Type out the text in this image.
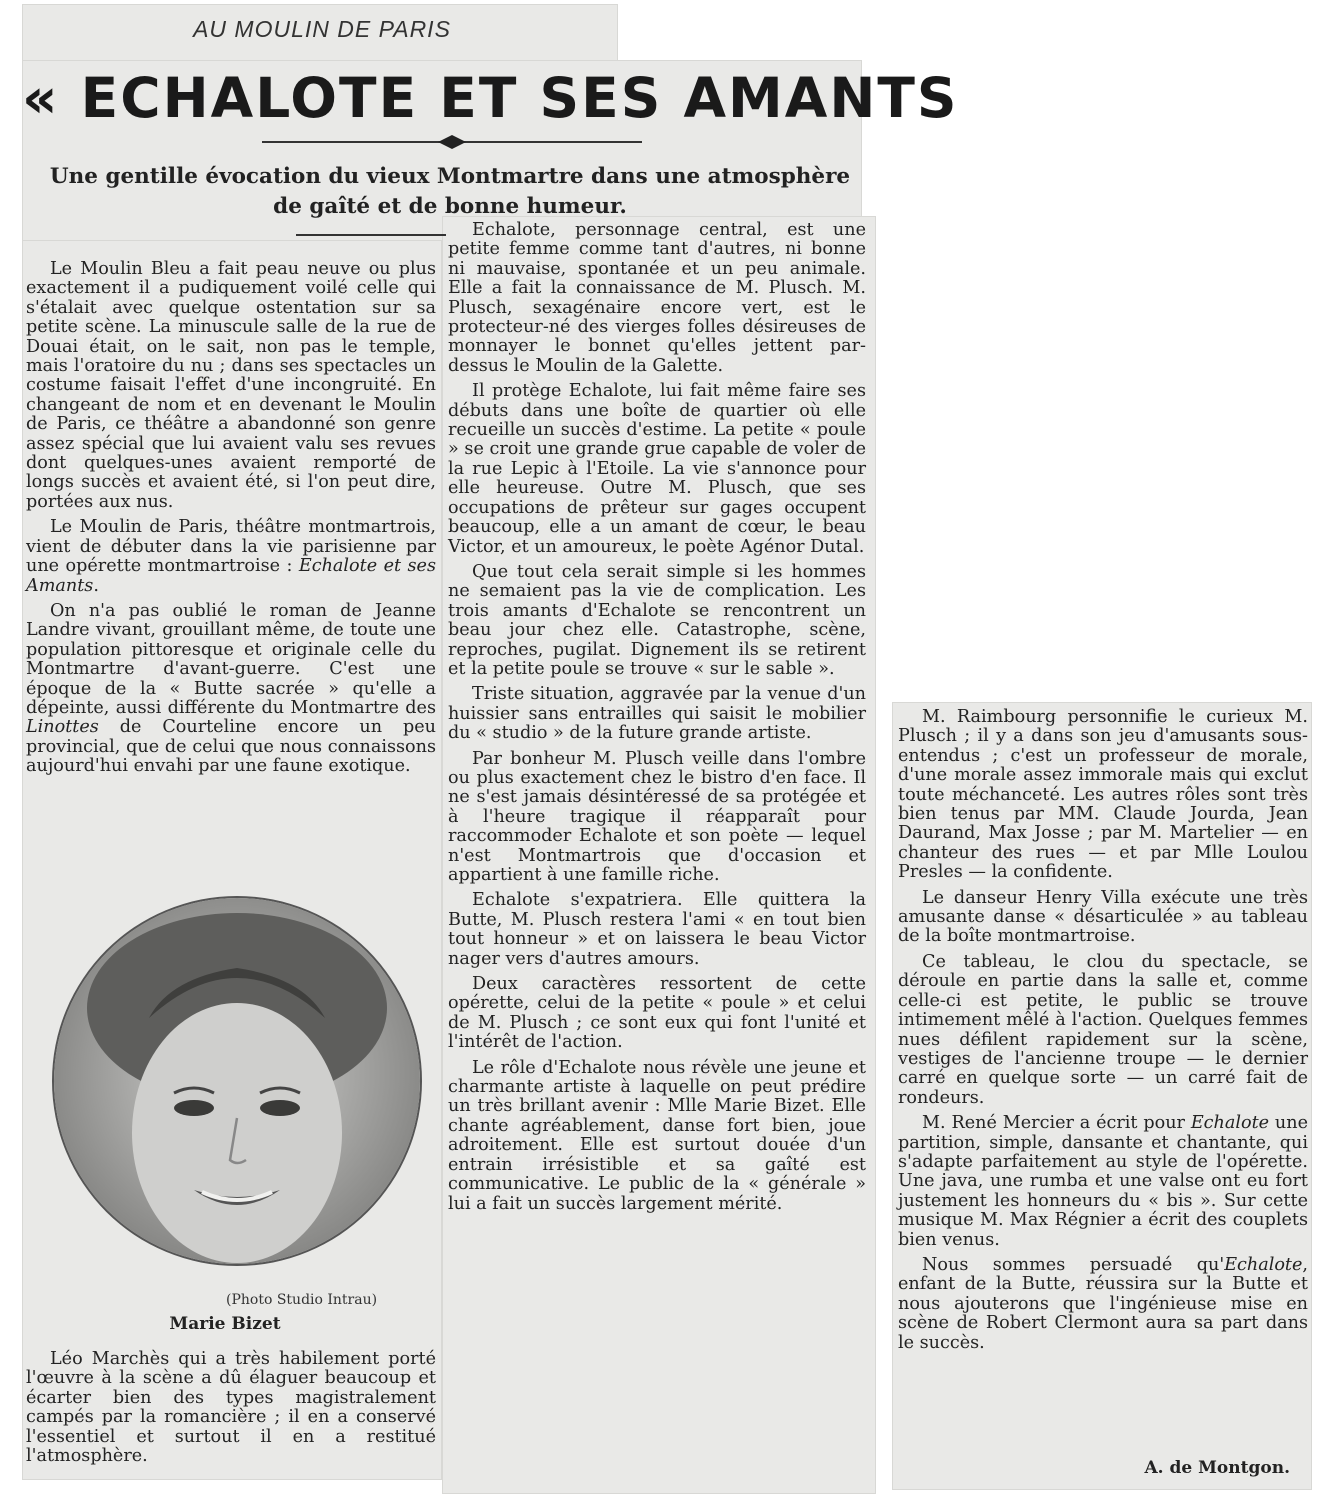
AU MOULIN DE PARIS
« ECHALOTE ET SES AMANTS
Une gentille évocation du vieux Montmartre dans une atmosphère
de gaîté et de bonne humeur.

Le Moulin Bleu a fait peau neuve ou plus exactement il a pudiquement voilé celle qui s'étalait avec quelque ostentation sur sa petite scène. La minuscule salle de la rue de Douai était, on le sait, non pas le temple, mais l'oratoire du nu ; dans ses spectacles un costume faisait l'effet d'une incongruité. En changeant de nom et en devenant le Moulin de Paris, ce théâtre a abandonné son genre assez spécial que lui avaient valu ses revues dont quelques-unes avaient remporté de longs succès et avaient été, si l'on peut dire, portées aux nus.

Le Moulin de Paris, théâtre montmartrois, vient de débuter dans la vie parisienne par une opérette montmartroise : Echalote et ses Amants.

On n'a pas oublié le roman de Jeanne Landre vivant, grouillant même, de toute une population pittoresque et originale celle du Montmartre d'avant-guerre. C'est une époque de la « Butte sacrée » qu'elle a dépeinte, aussi différente du Montmartre des Linottes de Courteline encore un peu provincial, que de celui que nous connaissons aujourd'hui envahi par une faune exotique.

(Photo Studio Intrau)
Marie Bizet

Léo Marchès qui a très habilement porté l'œuvre à la scène a dû élaguer beaucoup et écarter bien des types magistralement campés par la romancière ; il en a conservé l'essentiel et surtout il en a restitué l'atmosphère.

Echalote, personnage central, est une petite femme comme tant d'autres, ni bonne ni mauvaise, spontanée et un peu animale. Elle a fait la connaissance de M. Plusch. M. Plusch, sexagénaire encore vert, est le protecteur-né des vierges folles désireuses de monnayer le bonnet qu'elles jettent par-dessus le Moulin de la Galette.

Il protège Echalote, lui fait même faire ses débuts dans une boîte de quartier où elle recueille un succès d'estime. La petite « poule » se croit une grande grue capable de voler de la rue Lepic à l'Etoile. La vie s'annonce pour elle heureuse. Outre M. Plusch, que ses occupations de prêteur sur gages occupent beaucoup, elle a un amant de cœur, le beau Victor, et un amoureux, le poète Agénor Dutal.

Que tout cela serait simple si les hommes ne semaient pas la vie de complication. Les trois amants d'Echalote se rencontrent un beau jour chez elle. Catastrophe, scène, reproches, pugilat. Dignement ils se retirent et la petite poule se trouve « sur le sable ».

Triste situation, aggravée par la venue d'un huissier sans entrailles qui saisit le mobilier du « studio » de la future grande artiste.

Par bonheur M. Plusch veille dans l'ombre ou plus exactement chez le bistro d'en face. Il ne s'est jamais désintéressé de sa protégée et à l'heure tragique il réapparaît pour raccommoder Echalote et son poète — lequel n'est Montmartrois que d'occasion et appartient à une famille riche.

Echalote s'expatriera. Elle quittera la Butte, M. Plusch restera l'ami « en tout bien tout honneur » et on laissera le beau Victor nager vers d'autres amours.

Deux caractères ressortent de cette opérette, celui de la petite « poule » et celui de M. Plusch ; ce sont eux qui font l'unité et l'intérêt de l'action.

Le rôle d'Echalote nous révèle une jeune et charmante artiste à laquelle on peut prédire un très brillant avenir : Mlle Marie Bizet. Elle chante agréablement, danse fort bien, joue adroitement. Elle est surtout douée d'un entrain irrésistible et sa gaîté est communicative. Le public de la « générale » lui a fait un succès largement mérité.

M. Raimbourg personnifie le curieux M. Plusch ; il y a dans son jeu d'amusants sous-entendus ; c'est un professeur de morale, d'une morale assez immorale mais qui exclut toute méchanceté. Les autres rôles sont très bien tenus par MM. Claude Jourda, Jean Daurand, Max Josse ; par M. Martelier — en chanteur des rues — et par Mlle Loulou Presles — la confidente.

Le danseur Henry Villa exécute une très amusante danse « désarticulée » au tableau de la boîte montmartroise.

Ce tableau, le clou du spectacle, se déroule en partie dans la salle et, comme celle-ci est petite, le public se trouve intimement mêlé à l'action. Quelques femmes nues défilent rapidement sur la scène, vestiges de l'ancienne troupe — le dernier carré en quelque sorte — un carré fait de rondeurs.

M. René Mercier a écrit pour Echalote une partition, simple, dansante et chantante, qui s'adapte parfaitement au style de l'opérette. Une java, une rumba et une valse ont eu fort justement les honneurs du « bis ». Sur cette musique M. Max Régnier a écrit des couplets bien venus.

Nous sommes persuadé qu'Echalote, enfant de la Butte, réussira sur la Butte et nous ajouterons que l'ingénieuse mise en scène de Robert Clermont aura sa part dans le succès.

A. de Montgon.
